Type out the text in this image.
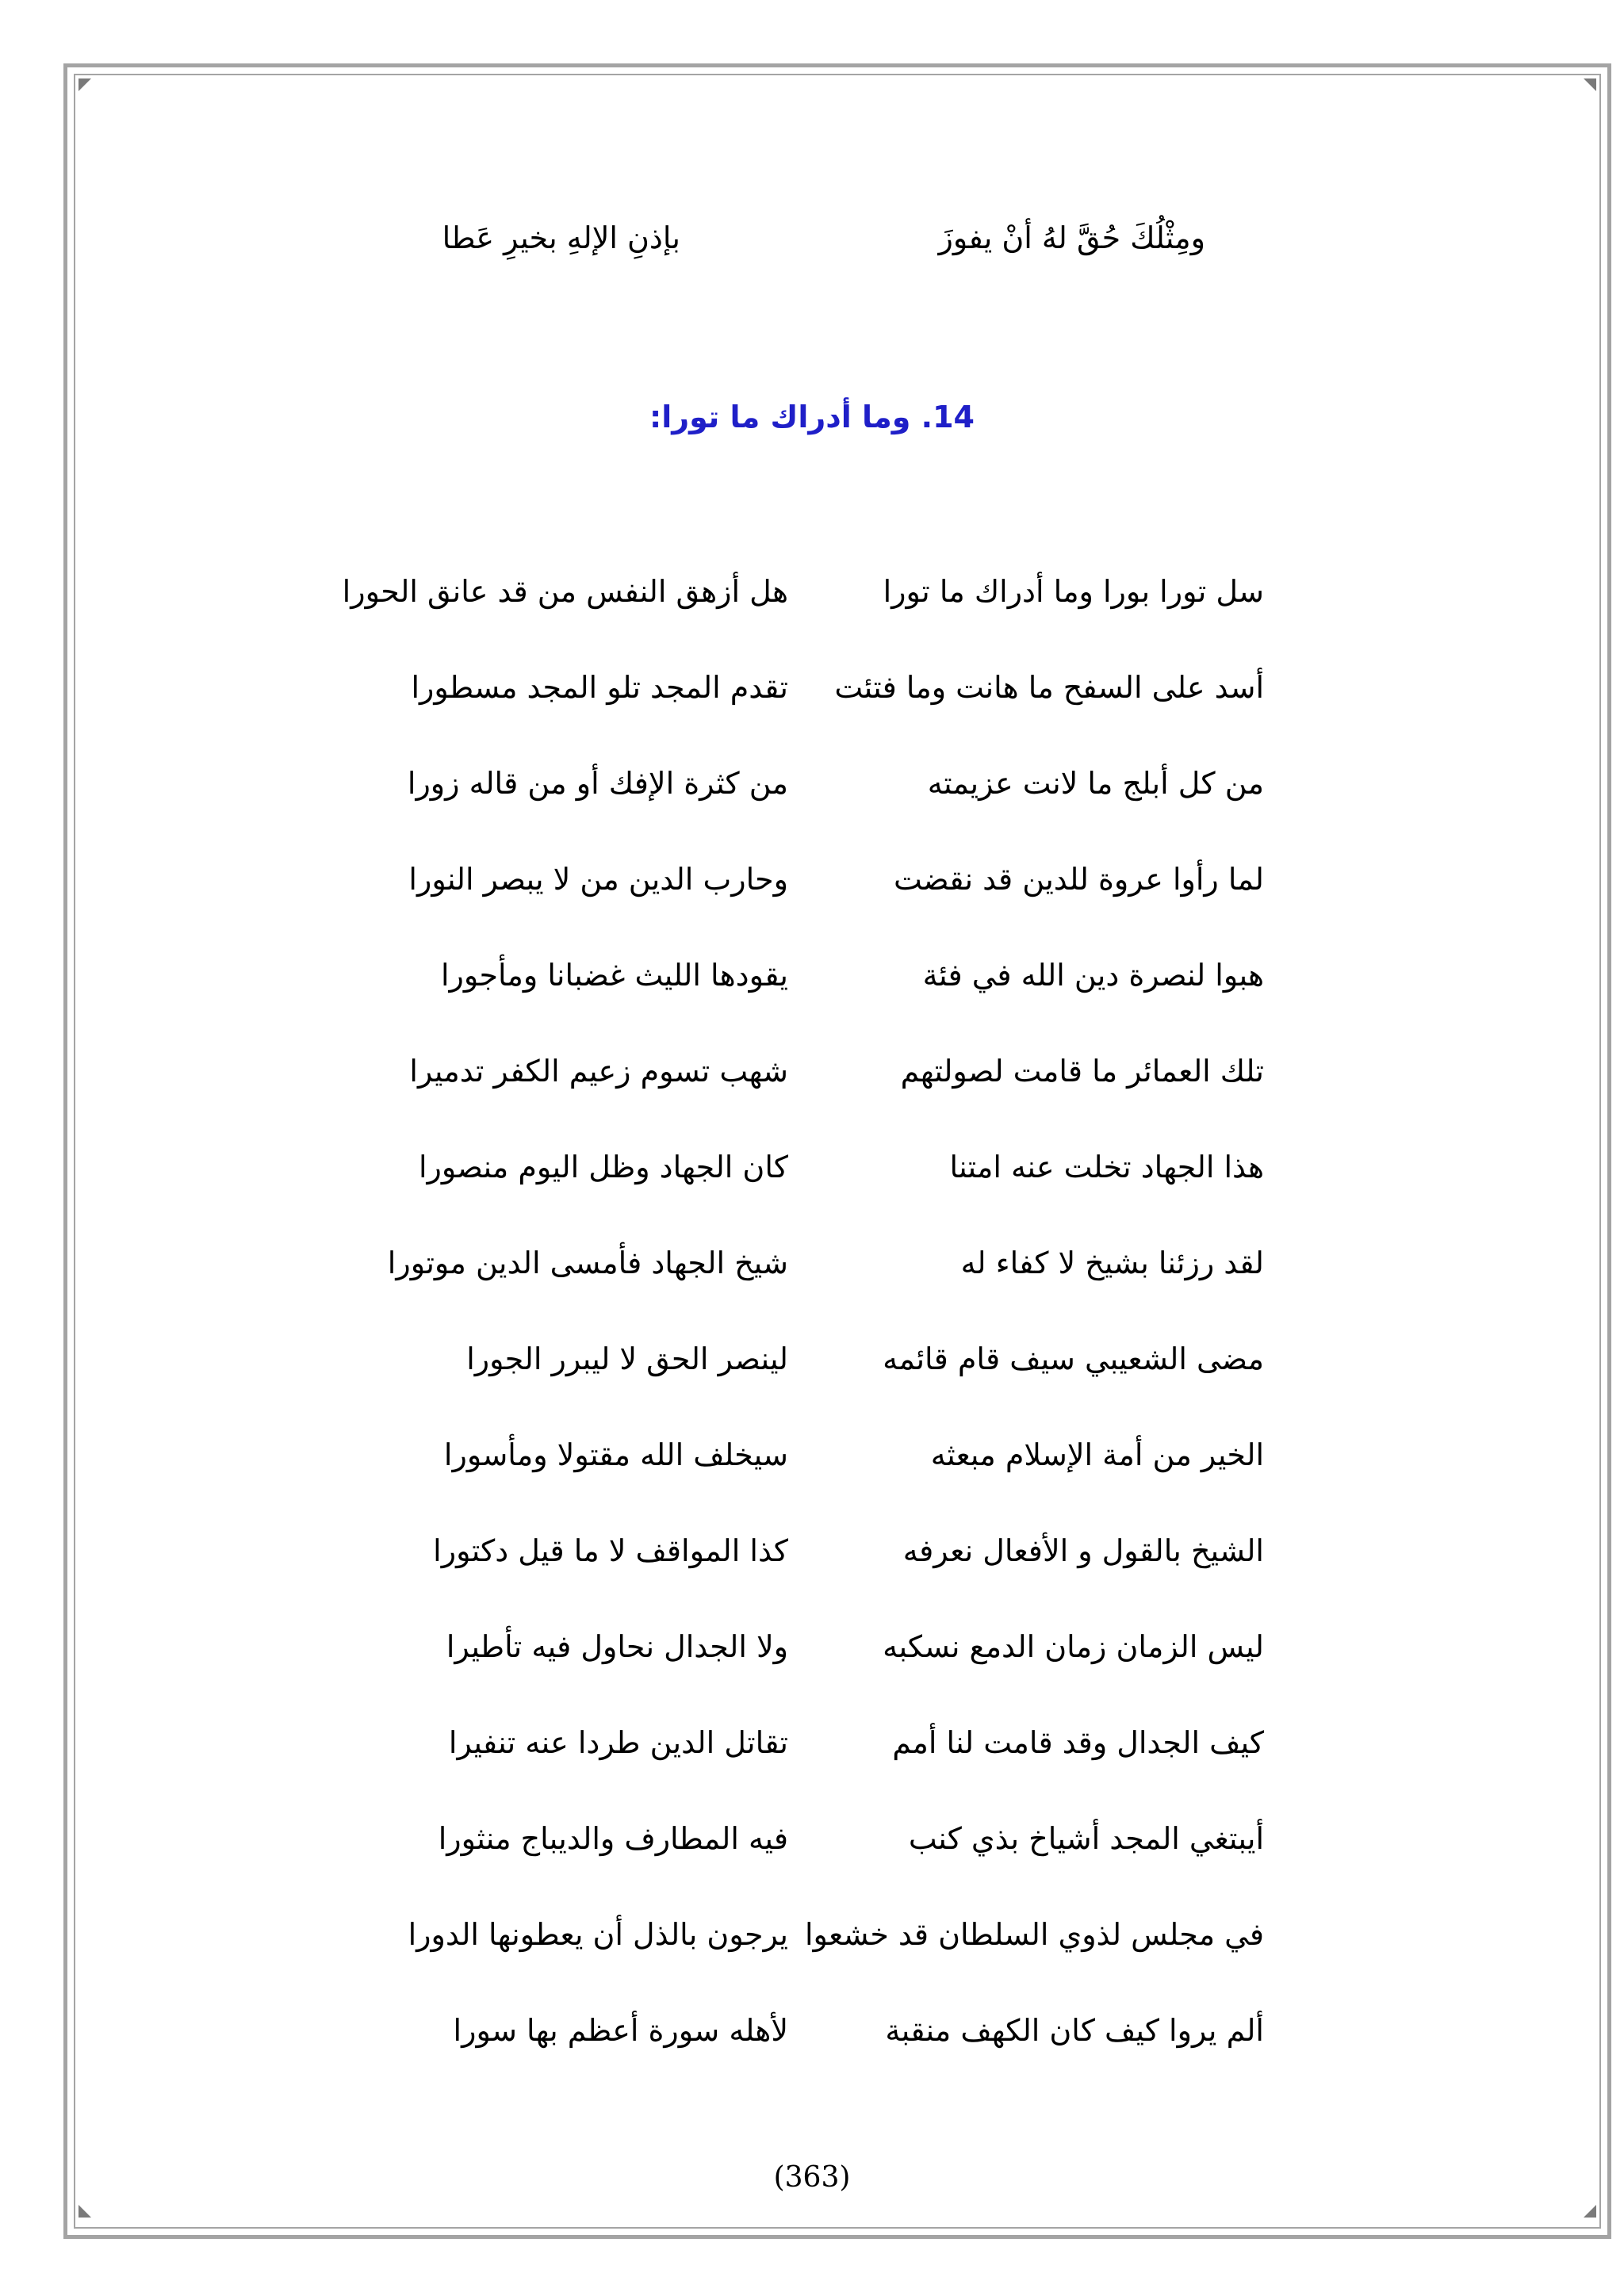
ومِثْلُكَ حُقَّ لهُ أنْ يفوزَ
بإذنِ الإلهِ بخيرِ عَطا
14. وما أدراك ما تورا:
سل تورا بورا وما أدراك ما تورا
هل أزهق النفس من قد عانق الحورا
أسد على السفح ما هانت وما فتئت
تقدم المجد تلو المجد مسطورا
من كل أبلج ما لانت عزيمته
من كثرة الإفك أو من قاله زورا
لما رأوا عروة للدين قد نقضت
وحارب الدين من لا يبصر النورا
هبوا لنصرة دين الله في فئة
يقودها الليث غضبانا ومأجورا
تلك العمائر ما قامت لصولتهم
شهب تسوم زعيم الكفر تدميرا
هذا الجهاد تخلت عنه امتنا
كان الجهاد وظل اليوم منصورا
لقد رزئنا بشيخ لا كفاء له
شيخ الجهاد فأمسى الدين موتورا
مضى الشعيبي سيف قام قائمه
لينصر الحق لا ليبرر الجورا
الخير من أمة الإسلام مبعثه
سيخلف الله مقتولا ومأسورا
الشيخ بالقول و الأفعال نعرفه
كذا المواقف لا ما قيل دكتورا
ليس الزمان زمان الدمع نسكبه
ولا الجدال نحاول فيه تأطيرا
كيف الجدال وقد قامت لنا أمم
تقاتل الدين طردا عنه تنفيرا
أيبتغي المجد أشياخ بذي كنب
فيه المطارف والديباج منثورا
في مجلس لذوي السلطان قد خشعوا
يرجون بالذل أن يعطونها الدورا
ألم يروا كيف كان الكهف منقبة
لأهله سورة أعظم بها سورا
(363)
